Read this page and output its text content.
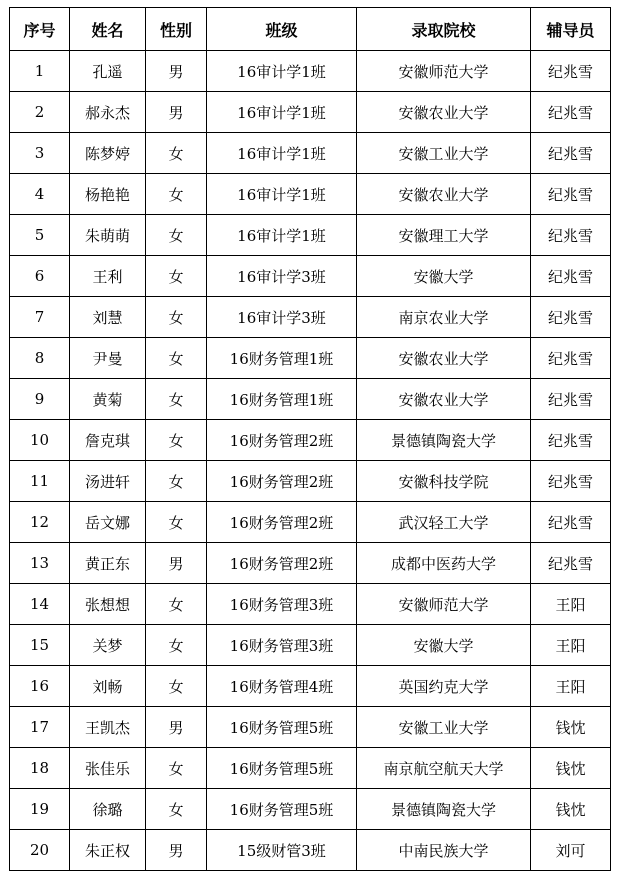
序号	姓名	性别	班级	录取院校	辅导员
1	孔遥	男	16审计学1班	安徽师范大学	纪兆雪
2	郝永杰	男	16审计学1班	安徽农业大学	纪兆雪
3	陈梦婷	女	16审计学1班	安徽工业大学	纪兆雪
4	杨艳艳	女	16审计学1班	安徽农业大学	纪兆雪
5	朱萌萌	女	16审计学1班	安徽理工大学	纪兆雪
6	王利	女	16审计学3班	安徽大学	纪兆雪
7	刘慧	女	16审计学3班	南京农业大学	纪兆雪
8	尹曼	女	16财务管理1班	安徽农业大学	纪兆雪
9	黄菊	女	16财务管理1班	安徽农业大学	纪兆雪
10	詹克琪	女	16财务管理2班	景德镇陶瓷大学	纪兆雪
11	汤进轩	女	16财务管理2班	安徽科技学院	纪兆雪
12	岳文娜	女	16财务管理2班	武汉轻工大学	纪兆雪
13	黄正东	男	16财务管理2班	成都中医药大学	纪兆雪
14	张想想	女	16财务管理3班	安徽师范大学	王阳
15	关梦	女	16财务管理3班	安徽大学	王阳
16	刘畅	女	16财务管理4班	英国约克大学	王阳
17	王凯杰	男	16财务管理5班	安徽工业大学	钱忱
18	张佳乐	女	16财务管理5班	南京航空航天大学	钱忱
19	徐璐	女	16财务管理5班	景德镇陶瓷大学	钱忱
20	朱正权	男	15级财管3班	中南民族大学	刘可
